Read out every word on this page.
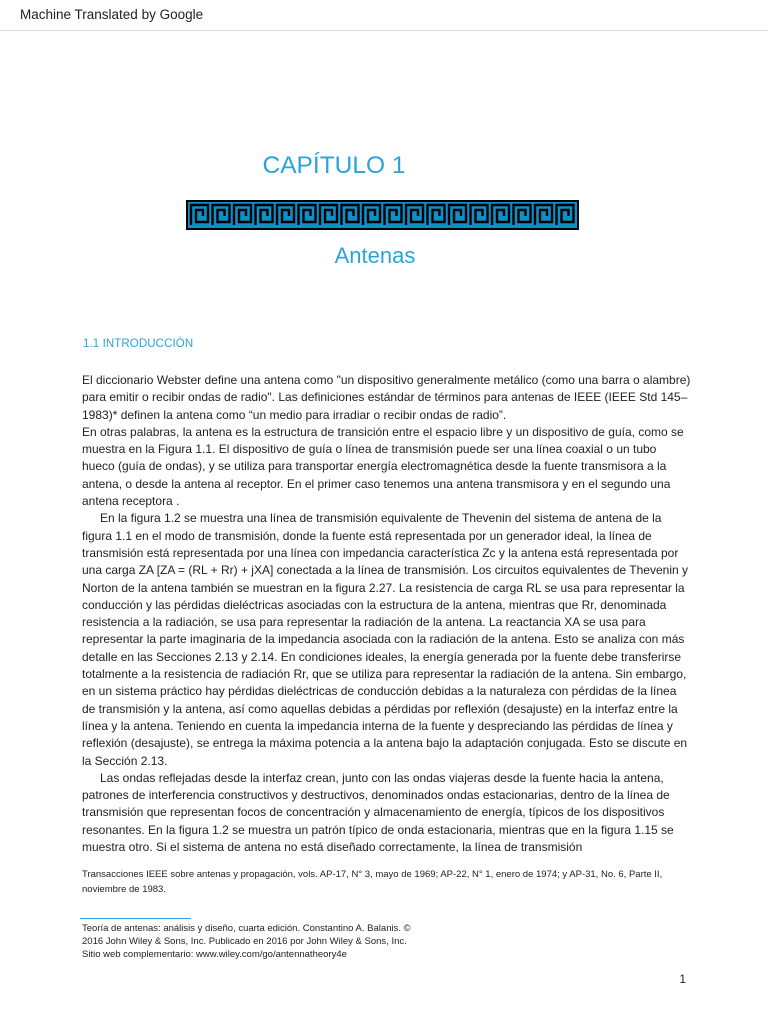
Machine Translated by Google
CAPÍTULO 1
Antenas
1.1 INTRODUCCIÓN

El diccionario Webster define una antena como "un dispositivo generalmente metálico (como una barra o alambre) para emitir o recibir ondas de radio". Las definiciones estándar de términos para antenas de IEEE (IEEE Std 145–1983)* definen la antena como “un medio para irradiar o recibir ondas de radio”.

En otras palabras, la antena es la estructura de transición entre el espacio libre y un dispositivo de guía, como se muestra en la Figura 1.1. El dispositivo de guía o línea de transmisión puede ser una línea coaxial o un tubo hueco (guía de ondas), y se utiliza para transportar energía electromagnética desde la fuente transmisora a la antena, o desde la antena al receptor. En el primer caso tenemos una antena transmisora y en el segundo una antena receptora .

En la figura 1.2 se muestra una línea de transmisión equivalente de Thevenin del sistema de antena de la figura 1.1 en el modo de transmisión, donde la fuente está representada por un generador ideal, la línea de transmisión está representada por una línea con impedancia característica Zc y la antena está representada por una carga ZA [ZA = (RL + Rr) + jXA] conectada a la línea de transmisión. Los circuitos equivalentes de Thevenin y Norton de la antena también se muestran en la figura 2.27. La resistencia de carga RL se usa para representar la conducción y las pérdidas dieléctricas asociadas con la estructura de la antena, mientras que Rr, denominada resistencia a la radiación, se usa para representar la radiación de la antena. La reactancia XA se usa para representar la parte imaginaria de la impedancia asociada con la radiación de la antena. Esto se analiza con más detalle en las Secciones 2.13 y 2.14. En condiciones ideales, la energía generada por la fuente debe transferirse totalmente a la resistencia de radiación Rr, que se utiliza para representar la radiación de la antena. Sin embargo, en un sistema práctico hay pérdidas dieléctricas de conducción debidas a la naturaleza con pérdidas de la línea de transmisión y la antena, así como aquellas debidas a pérdidas por reflexión (desajuste) en la interfaz entre la línea y la antena. Teniendo en cuenta la impedancia interna de la fuente y despreciando las pérdidas de línea y reflexión (desajuste), se entrega la máxima potencia a la antena bajo la adaptación conjugada. Esto se discute en la Sección 2.13.

Las ondas reflejadas desde la interfaz crean, junto con las ondas viajeras desde la fuente hacia la antena, patrones de interferencia constructivos y destructivos, denominados ondas estacionarias, dentro de la línea de transmisión que representan focos de concentración y almacenamiento de energía, típicos de los dispositivos resonantes. En la figura 1.2 se muestra un patrón típico de onda estacionaria, mientras que en la figura 1.15 se muestra otro. Si el sistema de antena no está diseñado correctamente, la línea de transmisión

Transacciones IEEE sobre antenas y propagación, vols. AP-17, N° 3, mayo de 1969; AP-22, N° 1, enero de 1974; y AP-31, No. 6, Parte II, noviembre de 1983.
Teoría de antenas: análisis y diseño, cuarta edición. Constantino A. Balanis. ©
2016 John Wiley & Sons, Inc. Publicado en 2016 por John Wiley & Sons, Inc.
Sitio web complementario: www.wiley.com/go/antennatheory4e
1
